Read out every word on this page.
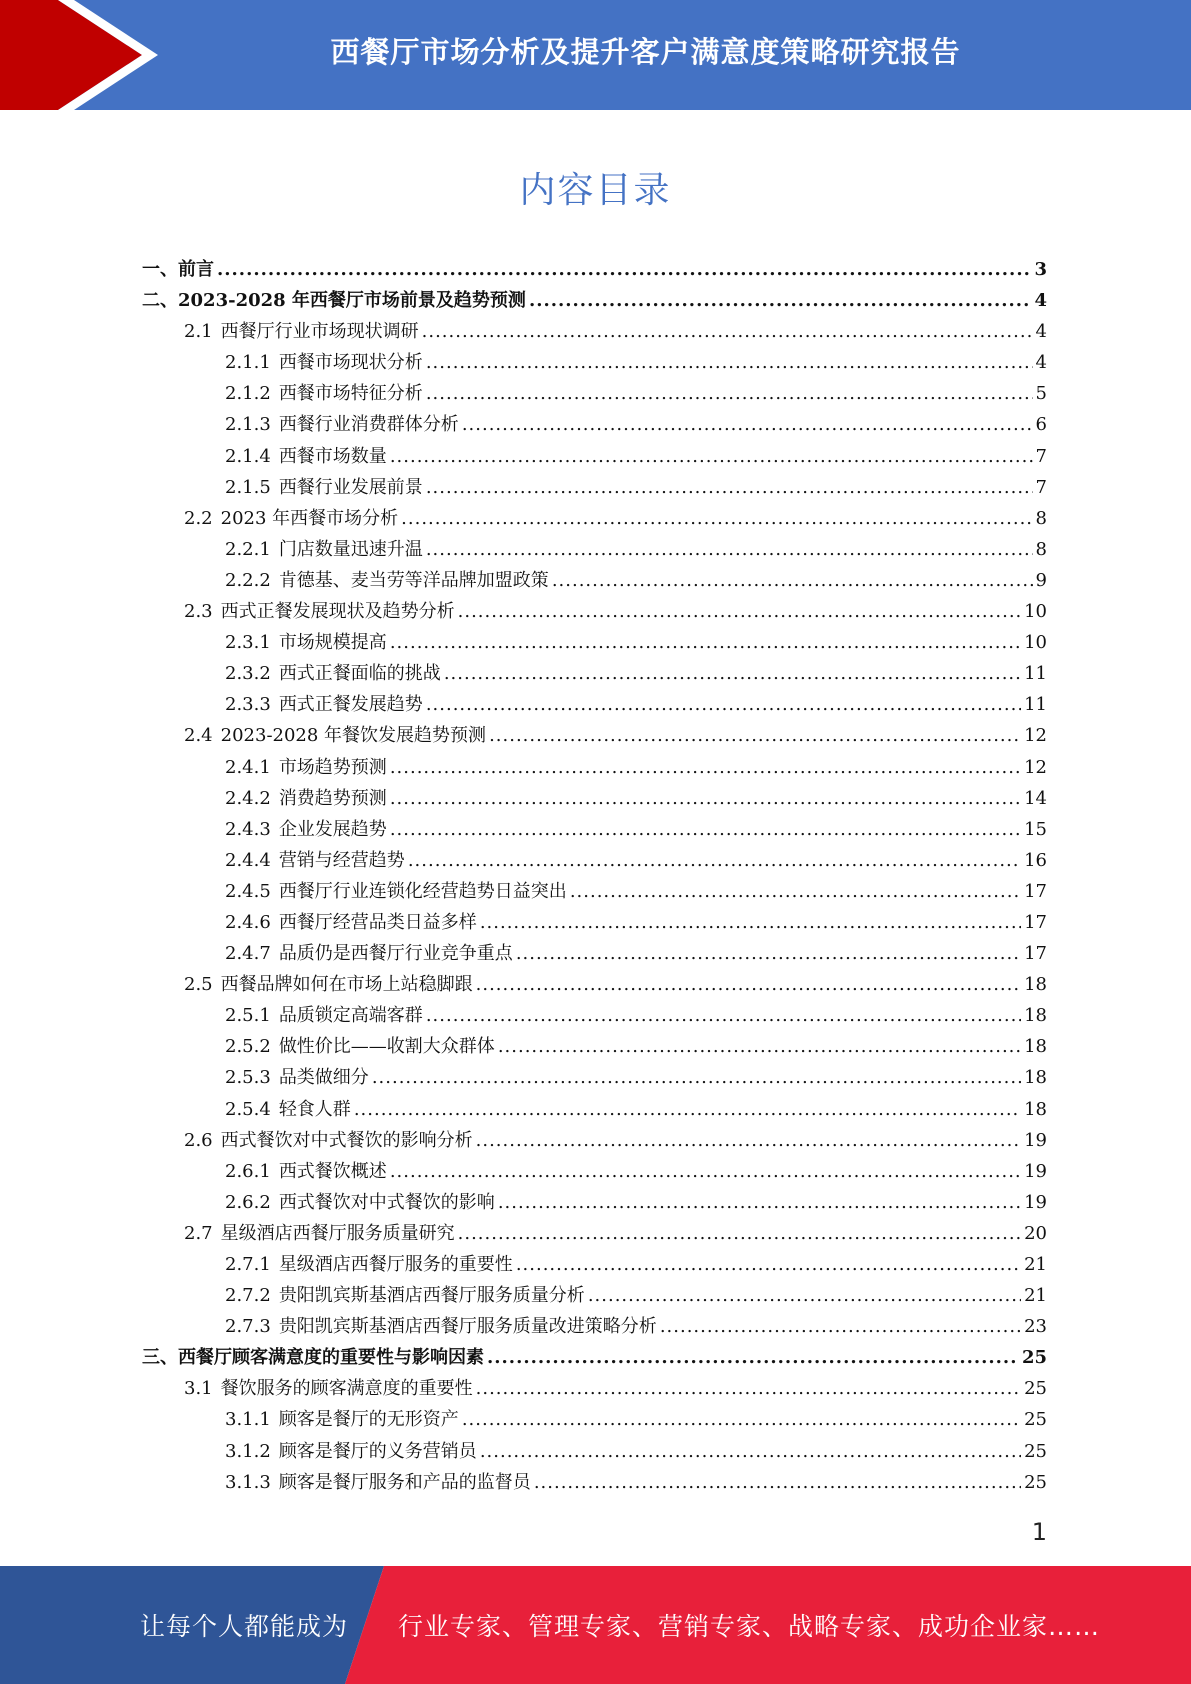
西餐厅市场分析及提升客户满意度策略研究报告
内容目录
一、 前言 .....	3
二、 2023-2028 年西餐厅市场前景及趋势预测 .....	4
2.1 西餐厅行业市场现状调研 .....	4
2.1.1 西餐市场现状分析 .....	4
2.1.2 西餐市场特征分析 .....	5
2.1.3 西餐行业消费群体分析 .....	6
2.1.4 西餐市场数量 .....	7
2.1.5 西餐行业发展前景 .....	7
2.2 2023 年西餐市场分析 .....	8
2.2.1 门店数量迅速升温 .....	8
2.2.2 肯德基、麦当劳等洋品牌加盟政策 .....	9
2.3 西式正餐发展现状及趋势分析 .....	10
2.3.1 市场规模提高 .....	10
2.3.2 西式正餐面临的挑战 .....	11
2.3.3 西式正餐发展趋势 .....	11
2.4 2023-2028 年餐饮发展趋势预测 .....	12
2.4.1 市场趋势预测 .....	12
2.4.2 消费趋势预测 .....	14
2.4.3 企业发展趋势 .....	15
2.4.4 营销与经营趋势 .....	16
2.4.5 西餐厅行业连锁化经营趋势日益突出 .....	17
2.4.6 西餐厅经营品类日益多样 .....	17
2.4.7 品质仍是西餐厅行业竞争重点 .....	17
2.5 西餐品牌如何在市场上站稳脚跟 .....	18
2.5.1 品质锁定高端客群 .....	18
2.5.2 做性价比——收割大众群体 .....	18
2.5.3 品类做细分 .....	18
2.5.4 轻食人群 .....	18
2.6 西式餐饮对中式餐饮的影响分析 .....	19
2.6.1 西式餐饮概述 .....	19
2.6.2 西式餐饮对中式餐饮的影响 .....	19
2.7 星级酒店西餐厅服务质量研究 .....	20
2.7.1 星级酒店西餐厅服务的重要性 .....	21
2.7.2 贵阳凯宾斯基酒店西餐厅服务质量分析 .....	21
2.7.3 贵阳凯宾斯基酒店西餐厅服务质量改进策略分析 .....	23
三、 西餐厅顾客满意度的重要性与影响因素 .....	25
3.1 餐饮服务的顾客满意度的重要性 .....	25
3.1.1 顾客是餐厅的无形资产 .....	25
3.1.2 顾客是餐厅的义务营销员 .....	25
3.1.3 顾客是餐厅服务和产品的监督员 .....	25
1
让每个人都能成为 行业专家、管理专家、营销专家、战略专家、成功企业家……
